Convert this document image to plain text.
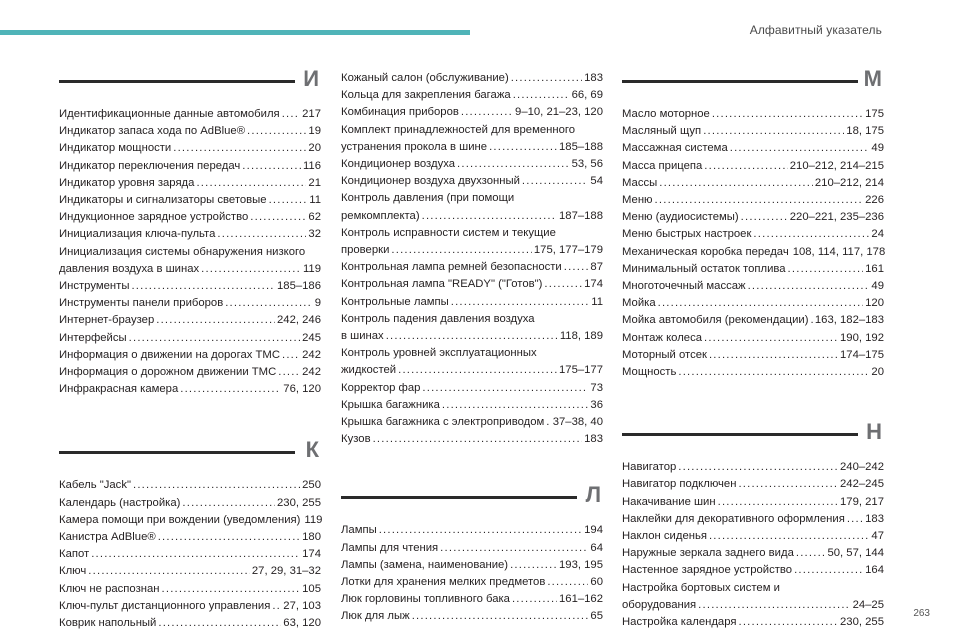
Алфавитный указатель
И
Идентификационные данные автомобиля ..... 217
Индикатор запаса хода по AdBlue® .....	19
Индикатор мощности .....	20
Индикатор переключения передач .....	116
Индикатор уровня заряда .....	21
Индикаторы и сигнализаторы световые .....	11
Индукционное зарядное устройство .....	62
Инициализация ключа-пульта .....	32
Инициализация системы обнаружения низкого
давления воздуха в шинах .....	119
Инструменты .....	185–186
Инструменты панели приборов .....	9
Интернет-браузер .....	242, 246
Интерфейсы .....	245
Информация о движении на дорогах TMC ..... 242
Информация о дорожном движении TMC ..... 242
Инфракрасная камера .....	76, 120
К
Кабель "Jack" .....	250
Календарь (настройка) .....	230, 255
Камера помощи при вождении (уведомления) 119
Канистра AdBlue® .....	180
Капот .....	174
Ключ .....	27, 29, 31–32
Ключ не распознан .....	105
Ключ-пульт дистанционного управления ..... 27, 103
Коврик напольный .....	63, 120
Кожаный салон (обслуживание) .....	183
Кольца для закрепления багажа .....	66, 69
Комбинация приборов .....	9–10, 21–23, 120
Комплект принадлежностей для временного
устранения прокола в шине .....	185–188
Кондиционер воздуха .....	53, 56
Кондиционер воздуха двухзонный .....	54
Контроль давления (при помощи
ремкомплекта) .....	187–188
Контроль исправности систем и текущие
проверки .....	175, 177–179
Контрольная лампа ремней безопасности .....	87
Контрольная лампа "READY" ("Готов") .....	174
Контрольные лампы .....	11
Контроль падения давления воздуха
в шинах .....	118, 189
Контроль уровней эксплуатационных
жидкостей .....	175–177
Корректор фар .....	73
Крышка багажника .....	36
Крышка багажника с электроприводом ..... 37–38, 40
Кузов .....	183
Л
Лампы .....	194
Лампы для чтения .....	64
Лампы (замена, наименование) .....	193, 195
Лотки для хранения мелких предметов .....	60
Люк горловины топливного бака .....	161–162
Люк для лыж .....	65
М
Масло моторное .....	175
Масляный щуп .....	18, 175
Массажная система .....	49
Масса прицепа .....	210–212, 214–215
Массы .....	210–212, 214
Меню .....	226
Меню (аудиосистемы) .....	220–221, 235–236
Меню быстрых настроек .....	24
Механическая коробка передач 108, 114, 117, 178
Минимальный остаток топлива .....	161
Многоточечный массаж .....	49
Мойка .....	120
Мойка автомобиля (рекомендации) ..... 163, 182–183
Монтаж колеса .....	190, 192
Моторный отсек .....	174–175
Мощность .....	20
Н
Навигатор .....	240–242
Навигатор подключен .....	242–245
Накачивание шин .....	179, 217
Наклейки для декоративного оформления ..... 183
Наклон сиденья .....	47
Наружные зеркала заднего вида .....	50, 57, 144
Настенное зарядное устройство .....	164
Настройка бортовых систем и
оборудования .....	24–25
Настройка календаря .....	230, 255
263
